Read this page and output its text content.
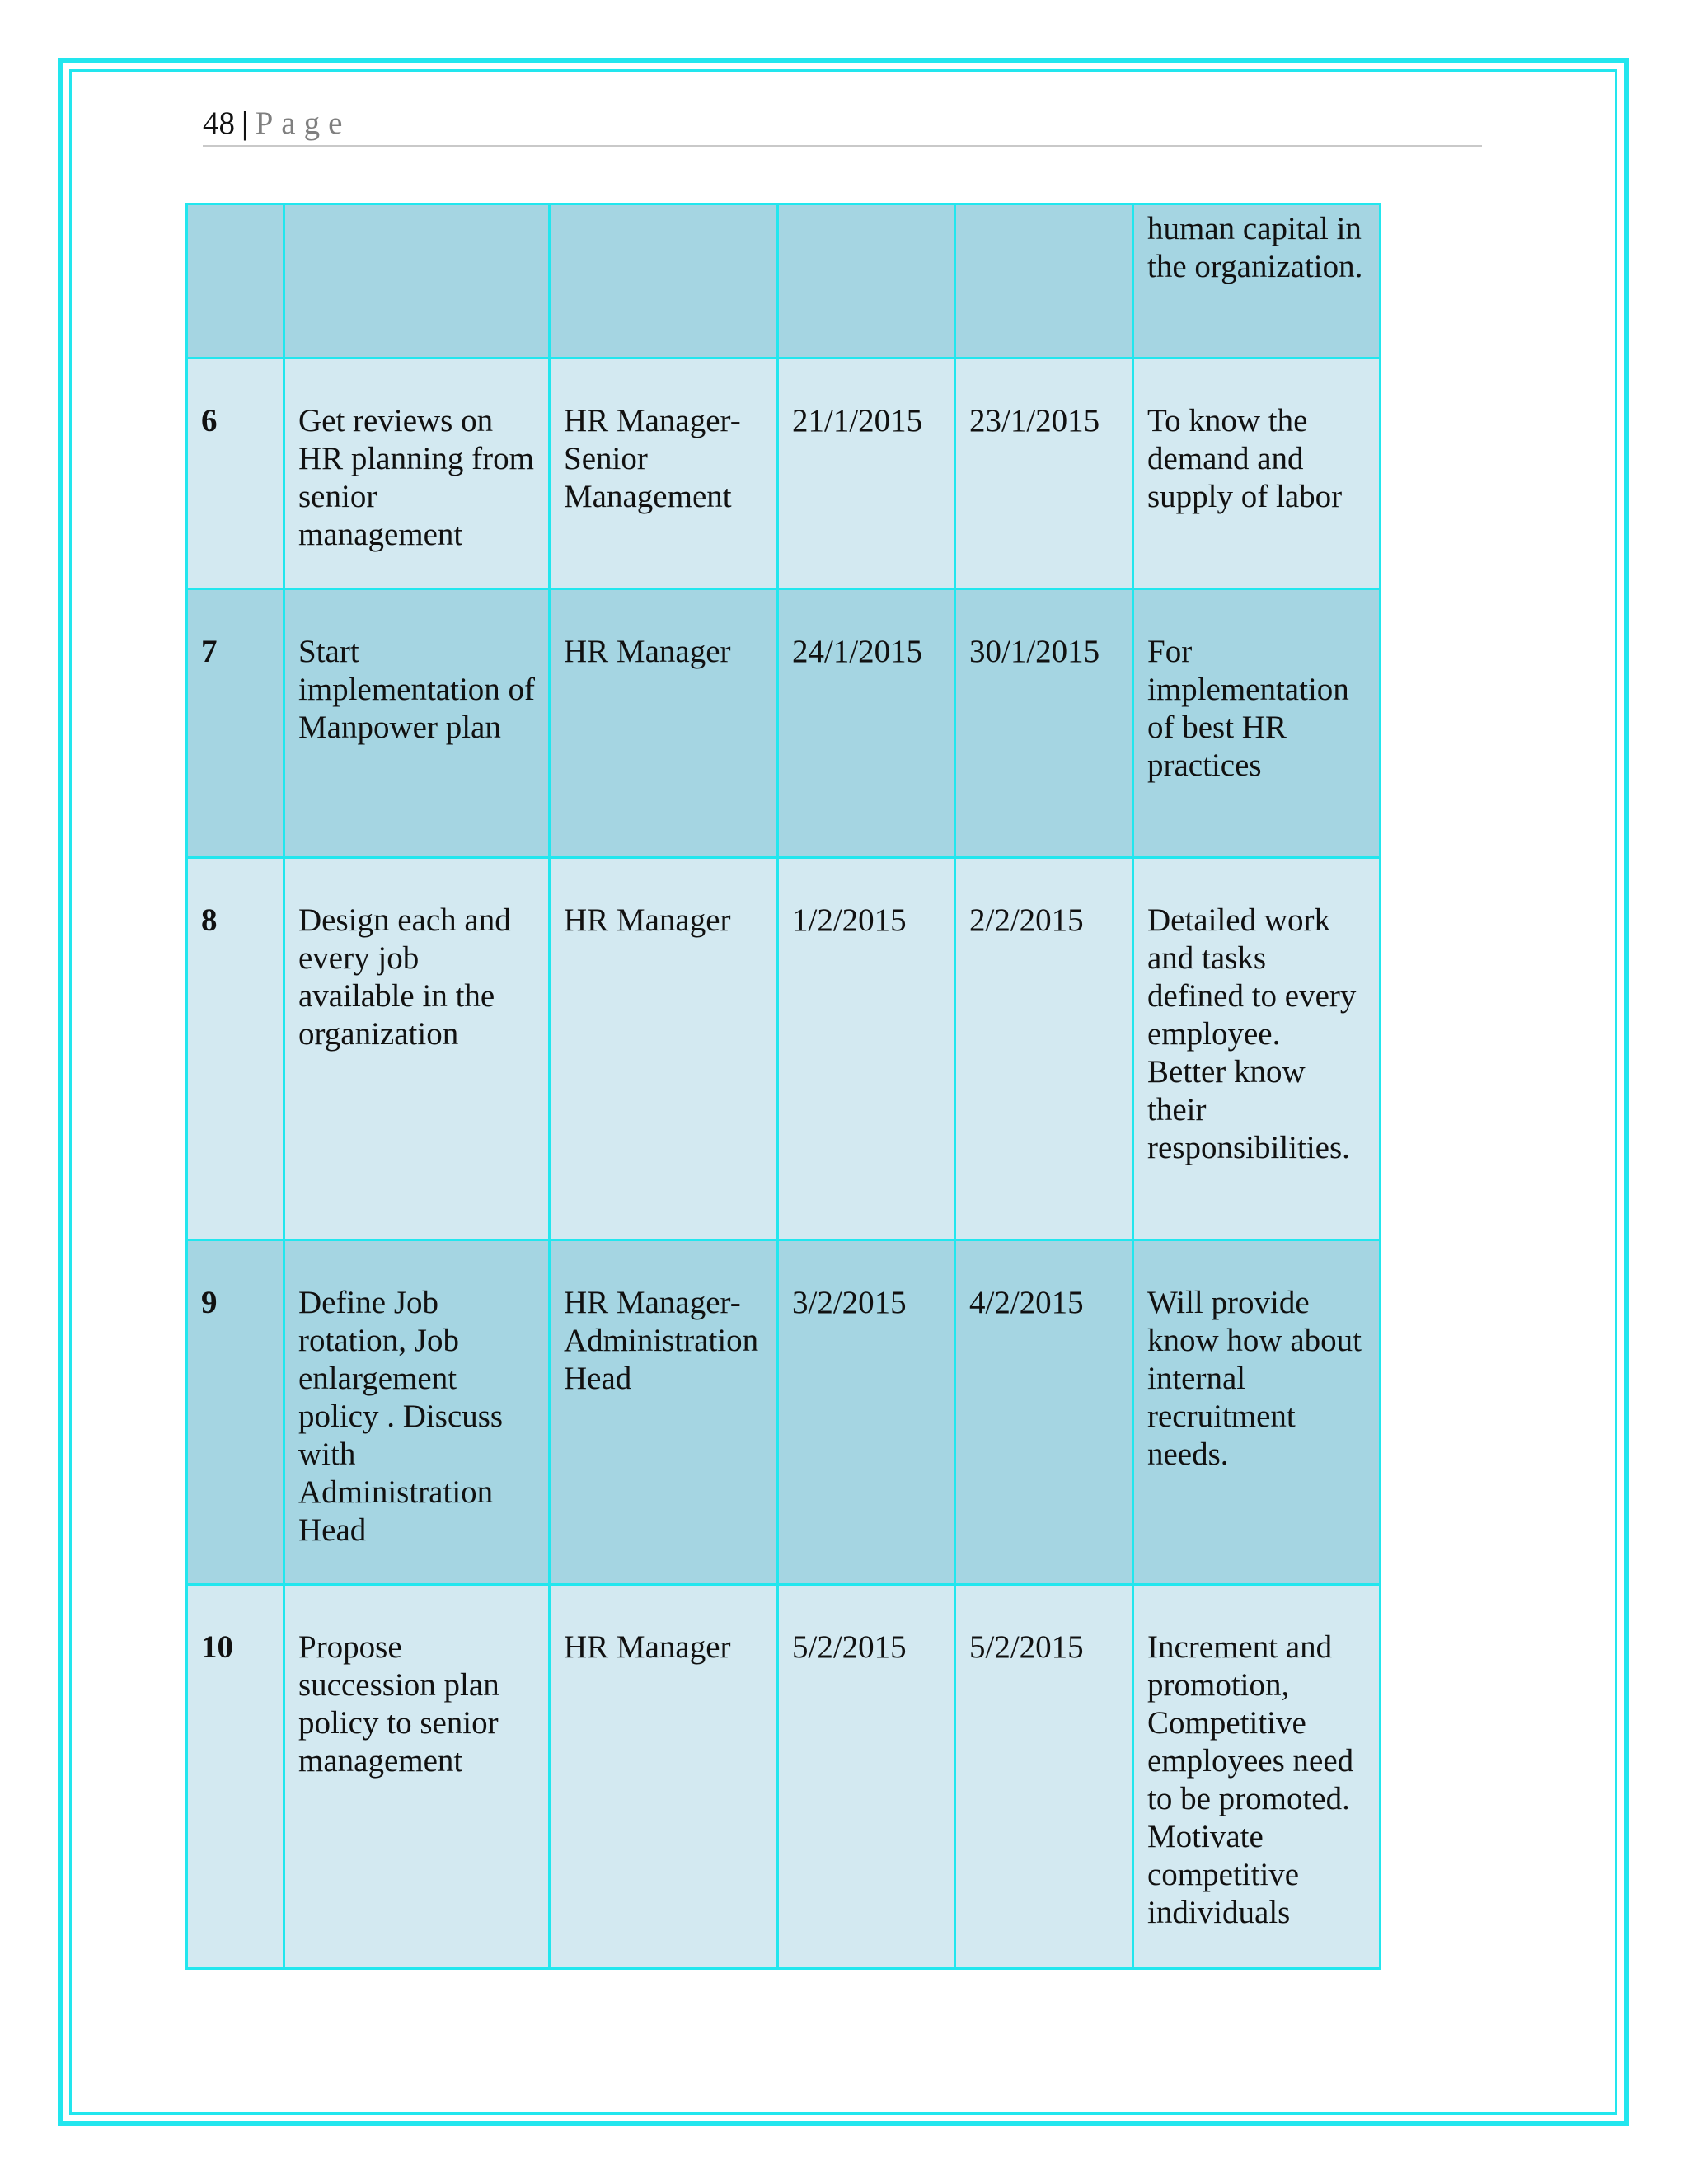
48 | Page
					human capital in the organization.
6	Get reviews on HR planning from senior management	HR Manager-Senior Management	21/1/2015	23/1/2015	To know the demand and supply of labor
7	Start implementation of Manpower plan	HR Manager	24/1/2015	30/1/2015	For implementation of best HR practices
8	Design each and every job available in the organization	HR Manager	1/2/2015	2/2/2015	Detailed work and tasks defined to every employee. Better know their responsibilities.
9	Define Job rotation, Job enlargement policy . Discuss with Administration Head	HR Manager-Administration Head	3/2/2015	4/2/2015	Will provide know how about internal recruitment needs.
10	Propose succession plan policy to senior management	HR Manager	5/2/2015	5/2/2015	Increment and promotion, Competitive employees need to be promoted. Motivate competitive individuals
